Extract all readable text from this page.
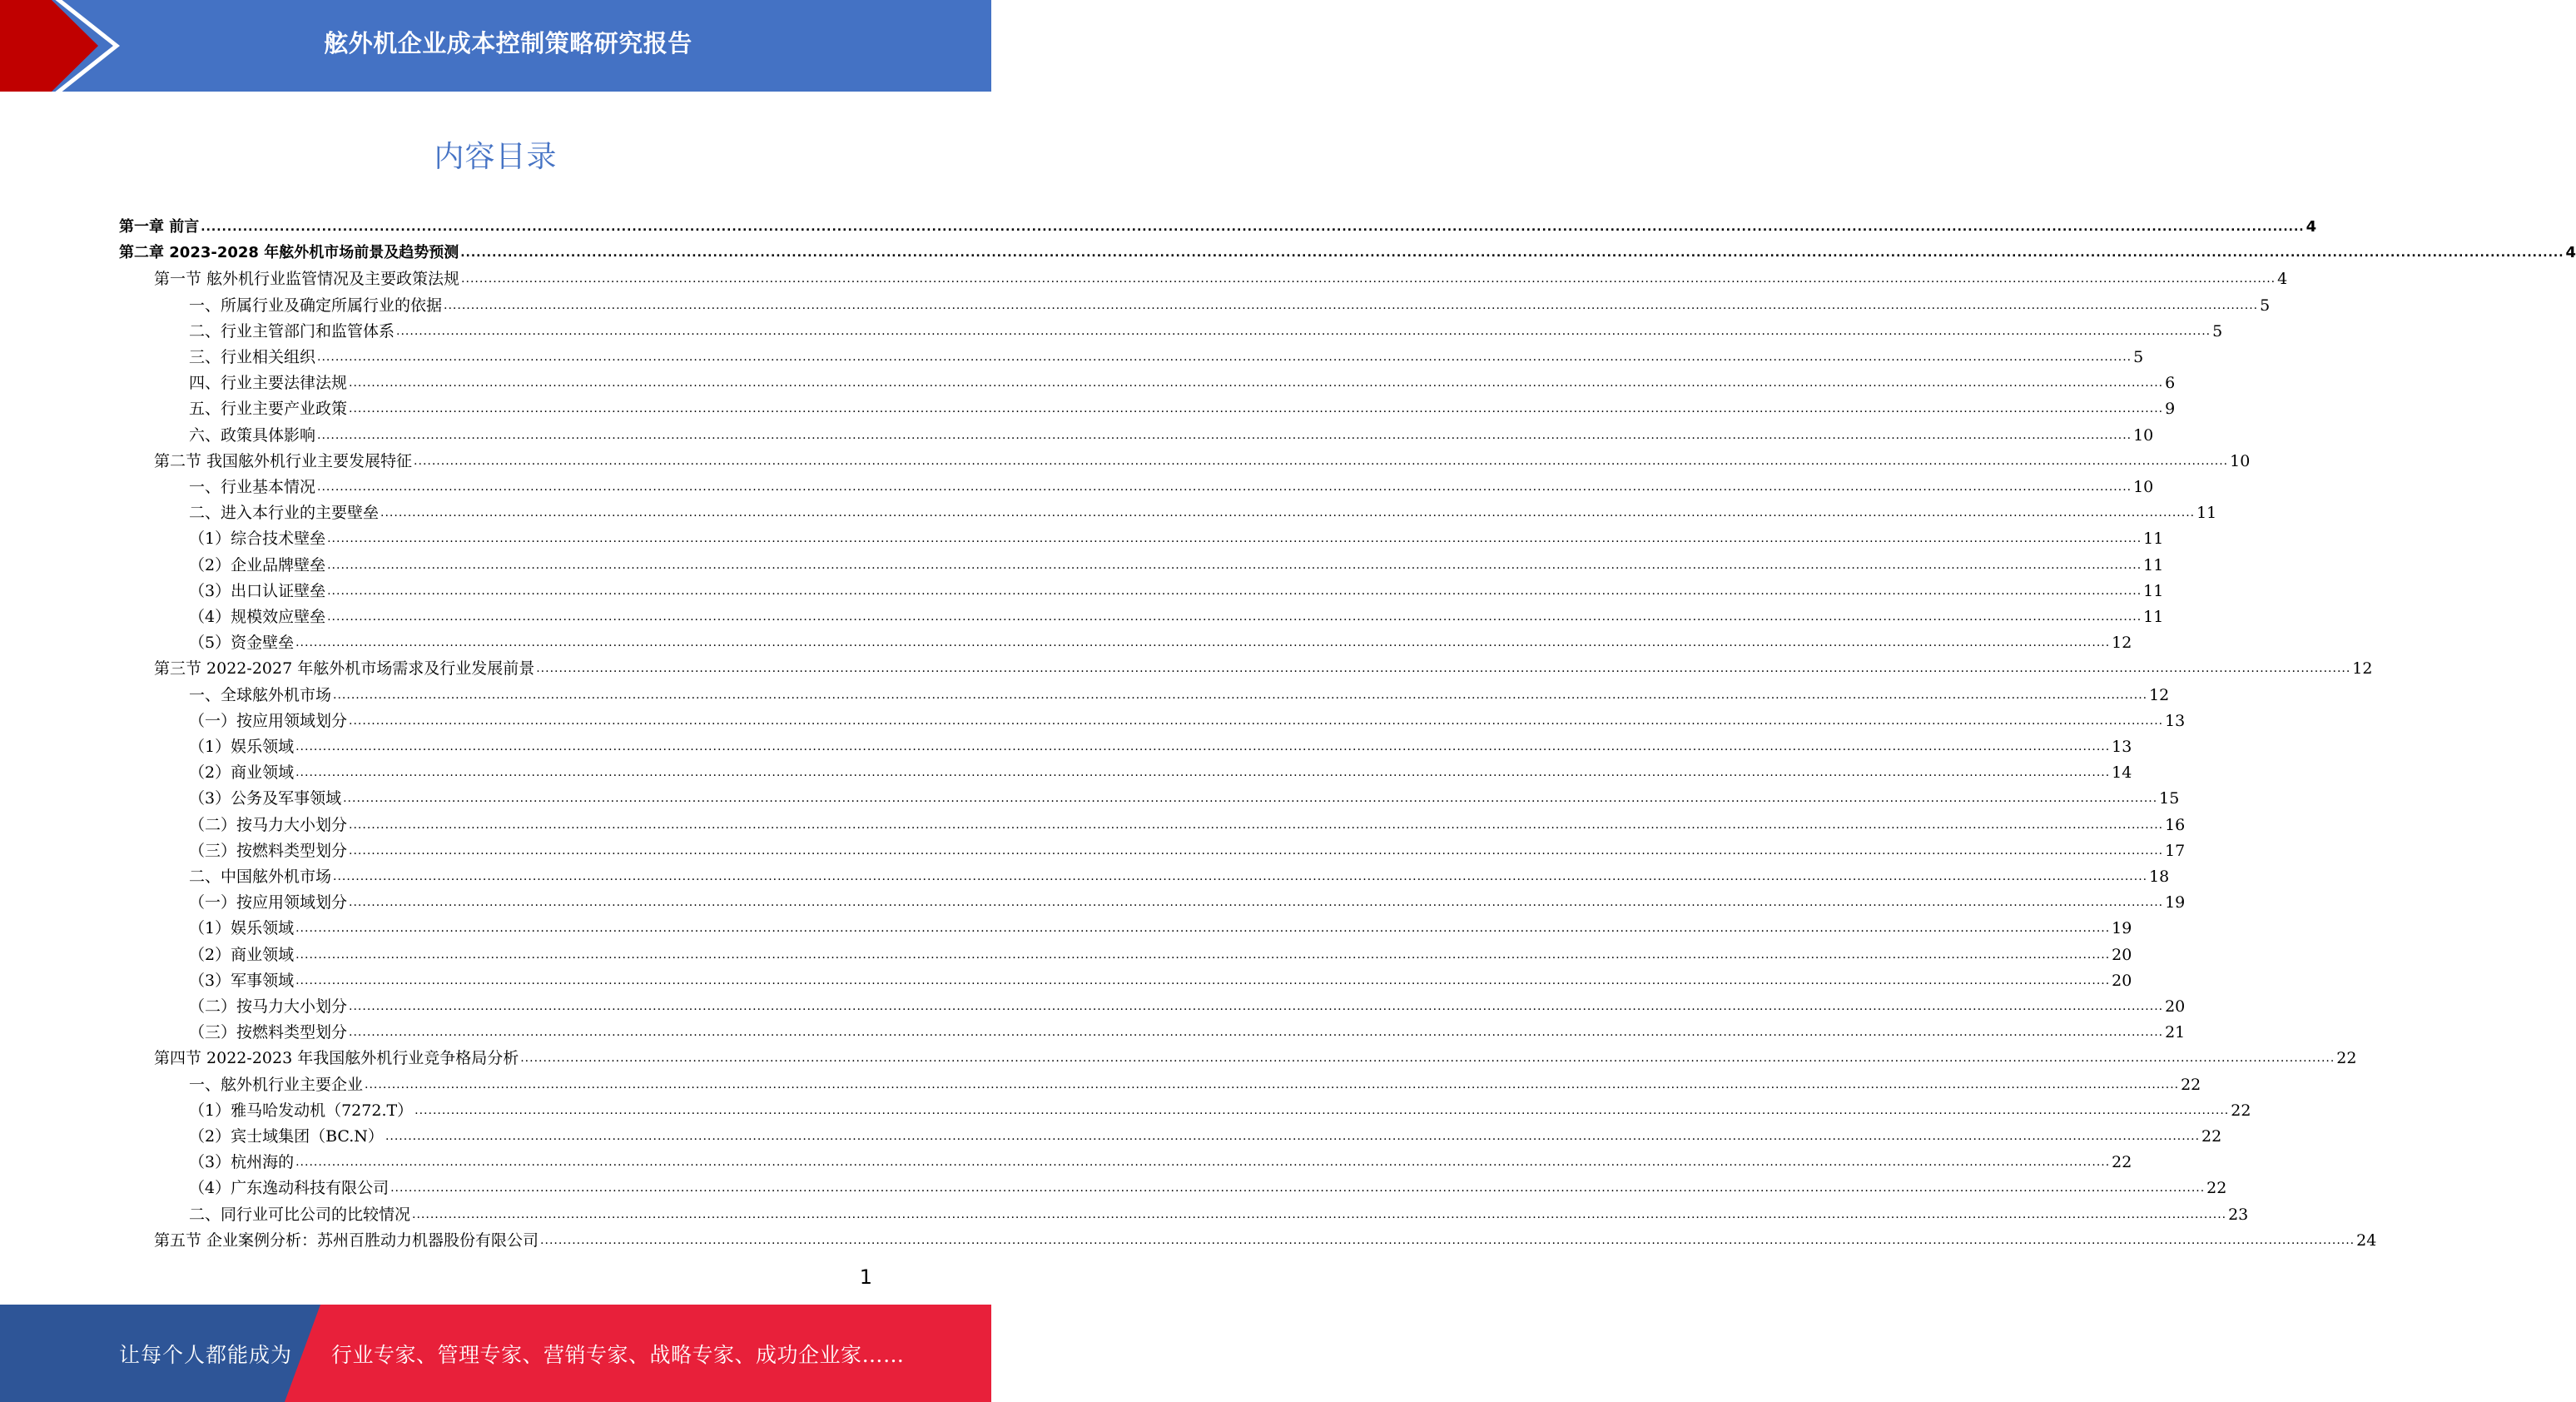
舷外机企业成本控制策略研究报告
内容目录
第一章 前言 ................................................................................................................................................................................................................................................................................................................................................................................................................ 4
第二章 2023-2028 年舷外机市场前景及趋势预测 ................................................................................................................................................................................................................................................................................................................................................................................................................ 4
第一节 舷外机行业监管情况及主要政策法规 ................................................................................................................................................................................................................................................................................................................................................................................................................ 4
一、所属行业及确定所属行业的依据 ................................................................................................................................................................................................................................................................................................................................................................................................................ 5
二、行业主管部门和监管体系 ................................................................................................................................................................................................................................................................................................................................................................................................................ 5
三、行业相关组织 ................................................................................................................................................................................................................................................................................................................................................................................................................ 5
四、行业主要法律法规 ................................................................................................................................................................................................................................................................................................................................................................................................................ 6
五、行业主要产业政策 ................................................................................................................................................................................................................................................................................................................................................................................................................ 9
六、政策具体影响 ................................................................................................................................................................................................................................................................................................................................................................................................................ 10
第二节 我国舷外机行业主要发展特征 ................................................................................................................................................................................................................................................................................................................................................................................................................ 10
一、行业基本情况 ................................................................................................................................................................................................................................................................................................................................................................................................................ 10
二、进入本行业的主要壁垒 ................................................................................................................................................................................................................................................................................................................................................................................................................ 11
（1）综合技术壁垒 ................................................................................................................................................................................................................................................................................................................................................................................................................ 11
（2）企业品牌壁垒 ................................................................................................................................................................................................................................................................................................................................................................................................................ 11
（3）出口认证壁垒 ................................................................................................................................................................................................................................................................................................................................................................................................................ 11
（4）规模效应壁垒 ................................................................................................................................................................................................................................................................................................................................................................................................................ 11
（5）资金壁垒 ................................................................................................................................................................................................................................................................................................................................................................................................................ 12
第三节 2022-2027 年舷外机市场需求及行业发展前景 ................................................................................................................................................................................................................................................................................................................................................................................................................ 12
一、全球舷外机市场 ................................................................................................................................................................................................................................................................................................................................................................................................................ 12
（一）按应用领域划分 ................................................................................................................................................................................................................................................................................................................................................................................................................ 13
（1）娱乐领域 ................................................................................................................................................................................................................................................................................................................................................................................................................ 13
（2）商业领域 ................................................................................................................................................................................................................................................................................................................................................................................................................ 14
（3）公务及军事领域 ................................................................................................................................................................................................................................................................................................................................................................................................................ 15
（二）按马力大小划分 ................................................................................................................................................................................................................................................................................................................................................................................................................ 16
（三）按燃料类型划分 ................................................................................................................................................................................................................................................................................................................................................................................................................ 17
二、中国舷外机市场 ................................................................................................................................................................................................................................................................................................................................................................................................................ 18
（一）按应用领域划分 ................................................................................................................................................................................................................................................................................................................................................................................................................ 19
（1）娱乐领域 ................................................................................................................................................................................................................................................................................................................................................................................................................ 19
（2）商业领域 ................................................................................................................................................................................................................................................................................................................................................................................................................ 20
（3）军事领域 ................................................................................................................................................................................................................................................................................................................................................................................................................ 20
（二）按马力大小划分 ................................................................................................................................................................................................................................................................................................................................................................................................................ 20
（三）按燃料类型划分 ................................................................................................................................................................................................................................................................................................................................................................................................................ 21
第四节 2022-2023 年我国舷外机行业竞争格局分析 ................................................................................................................................................................................................................................................................................................................................................................................................................ 22
一、舷外机行业主要企业 ................................................................................................................................................................................................................................................................................................................................................................................................................ 22
（1）雅马哈发动机（7272.T） ................................................................................................................................................................................................................................................................................................................................................................................................................ 22
（2）宾士域集团（BC.N） ................................................................................................................................................................................................................................................................................................................................................................................................................ 22
（3）杭州海的 ................................................................................................................................................................................................................................................................................................................................................................................................................ 22
（4）广东逸动科技有限公司 ................................................................................................................................................................................................................................................................................................................................................................................................................ 22
二、同行业可比公司的比较情况 ................................................................................................................................................................................................................................................................................................................................................................................................................ 23
第五节 企业案例分析：苏州百胜动力机器股份有限公司 ................................................................................................................................................................................................................................................................................................................................................................................................................ 24
1
让每个人都能成为 行业专家、管理专家、营销专家、战略专家、成功企业家……
